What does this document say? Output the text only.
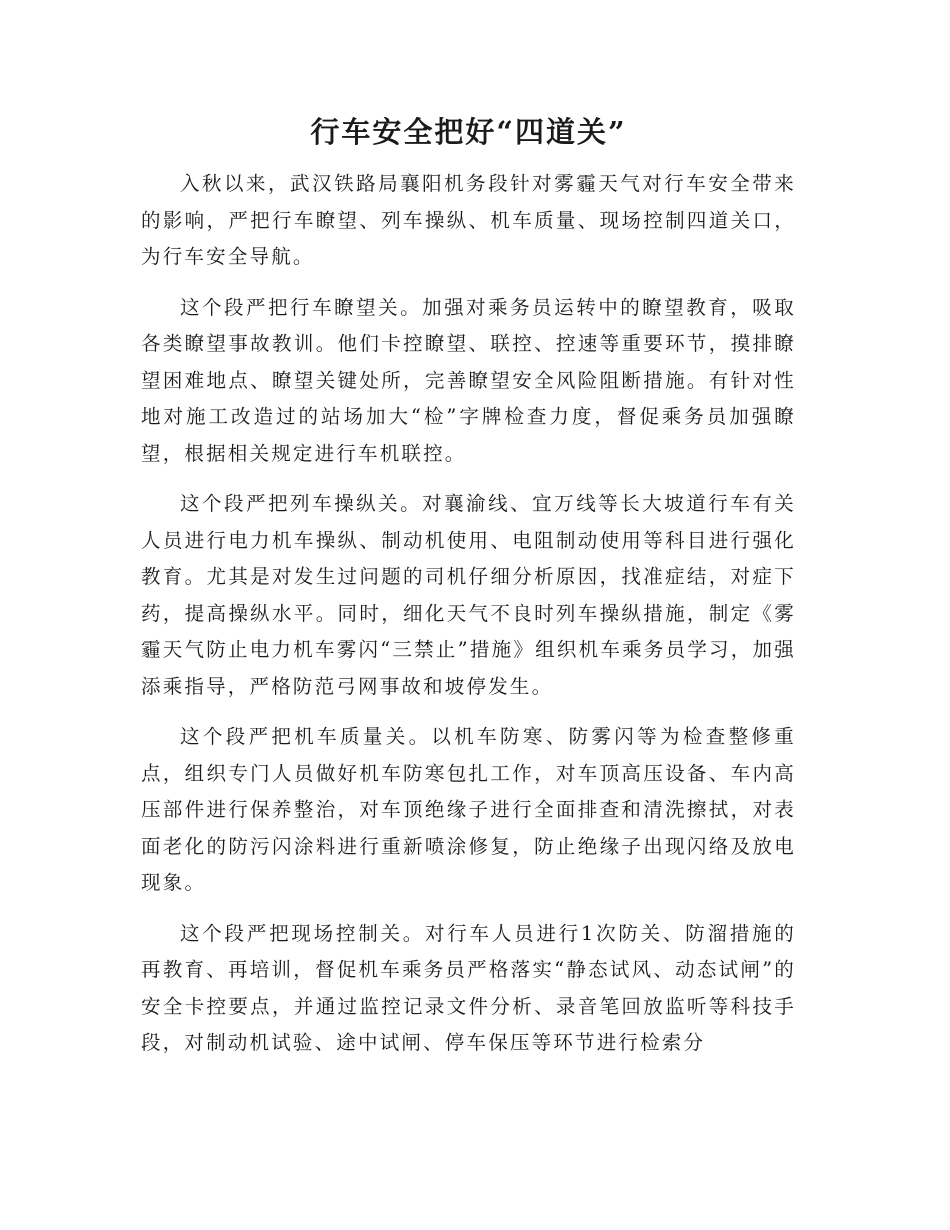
行车安全把好“四道关”

入秋以来，武汉铁路局襄阳机务段针对雾霾天气对行车安全带来的影响，严把行车瞭望、列车操纵、机车质量、现场控制四道关口，为行车安全导航。

这个段严把行车瞭望关。加强对乘务员运转中的瞭望教育，吸取各类瞭望事故教训。他们卡控瞭望、联控、控速等重要环节，摸排瞭望困难地点、瞭望关键处所，完善瞭望安全风险阻断措施。有针对性地对施工改造过的站场加大“检”字牌检查力度，督促乘务员加强瞭望，根据相关规定进行车机联控。

这个段严把列车操纵关。对襄渝线、宜万线等长大坡道行车有关人员进行电力机车操纵、制动机使用、电阻制动使用等科目进行强化教育。尤其是对发生过问题的司机仔细分析原因，找准症结，对症下药，提高操纵水平。同时，细化天气不良时列车操纵措施，制定《雾霾天气防止电力机车雾闪“三禁止”措施》组织机车乘务员学习，加强添乘指导，严格防范弓网事故和坡停发生。

这个段严把机车质量关。以机车防寒、防雾闪等为检查整修重点，组织专门人员做好机车防寒包扎工作，对车顶高压设备、车内高压部件进行保养整治，对车顶绝缘子进行全面排查和清洗擦拭，对表面老化的防污闪涂料进行重新喷涂修复，防止绝缘子出现闪络及放电现象。

这个段严把现场控制关。对行车人员进行1次防关、防溜措施的再教育、再培训，督促机车乘务员严格落实“静态试风、动态试闸”的安全卡控要点，并通过监控记录文件分析、录音笔回放监听等科技手段，对制动机试验、途中试闸、停车保压等环节进行检索分
